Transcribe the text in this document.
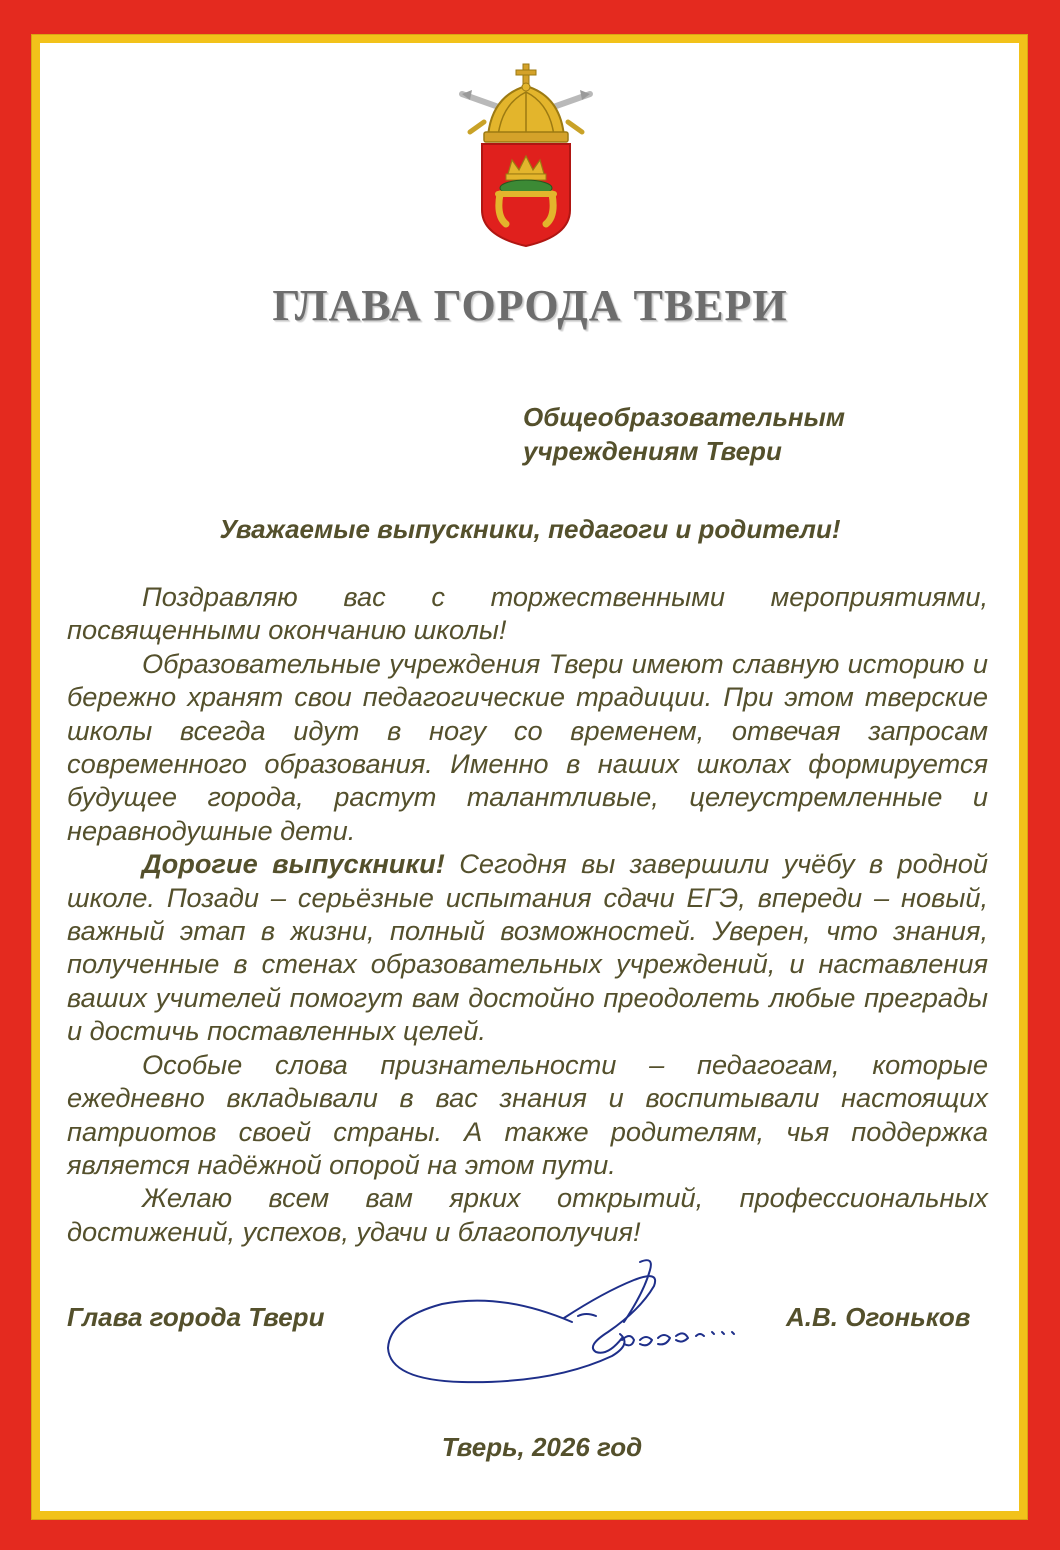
ГЛАВА ГОРОДА ТВЕРИ
Общеобразовательным
учреждениям Твери
Уважаемые выпускники, педагоги и родители!

Поздравляю вас с торжественными мероприятиями, посвященными окончанию школы!

Образовательные учреждения Твери имеют славную историю и бережно хранят свои педагогические традиции. При этом тверские школы всегда идут в ногу со временем, отвечая запросам современного образования. Именно в наших школах формируется будущее города, растут талантливые, целеустремленные и неравнодушные дети.

Дорогие выпускники! Сегодня вы завершили учёбу в родной школе. Позади – серьёзные испытания сдачи ЕГЭ, впереди – новый, важный этап в жизни, полный возможностей. Уверен, что знания, полученные в стенах образовательных учреждений, и наставления ваших учителей помогут вам достойно преодолеть любые преграды и достичь поставленных целей.

Особые слова признательности – педагогам, которые ежедневно вкладывали в вас знания и воспитывали настоящих патриотов своей страны. А также родителям, чья поддержка является надёжной опорой на этом пути.

Желаю всем вам ярких открытий, профессиональных достижений, успехов, удачи и благополучия!

Глава города Твери	А.В. Огоньков
Тверь, 2026 год
